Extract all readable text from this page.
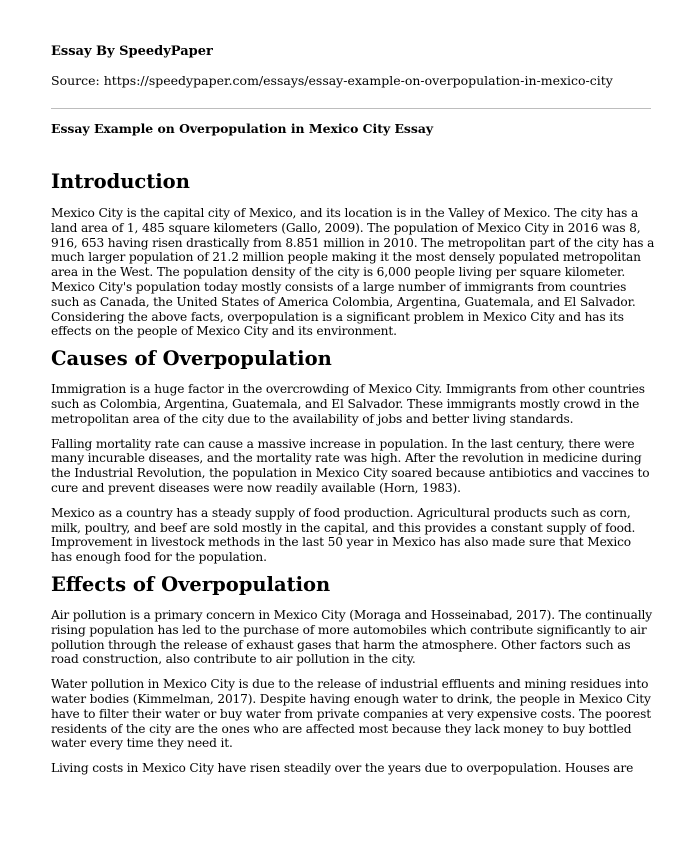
Essay By SpeedyPaper
Source: https://speedypaper.com/essays/essay-example-on-overpopulation-in-mexico-city
Essay Example on Overpopulation in Mexico City Essay
Introduction

Mexico City is the capital city of Mexico, and its location is in the Valley of Mexico. The city has a land area of 1, 485 square kilometers (Gallo, 2009). The population of Mexico City in 2016 was 8, 916, 653 having risen drastically from 8.851 million in 2010. The metropolitan part of the city has a much larger population of 21.2 million people making it the most densely populated metropolitan area in the West. The population density of the city is 6,000 people living per square kilometer. Mexico City's population today mostly consists of a large number of immigrants from countries such as Canada, the United States of America Colombia, Argentina, Guatemala, and El Salvador. Considering the above facts, overpopulation is a significant problem in Mexico City and has its effects on the people of Mexico City and its environment.

Causes of Overpopulation

Immigration is a huge factor in the overcrowding of Mexico City. Immigrants from other countries such as Colombia, Argentina, Guatemala, and El Salvador. These immigrants mostly crowd in the metropolitan area of the city due to the availability of jobs and better living standards.

Falling mortality rate can cause a massive increase in population. In the last century, there were many incurable diseases, and the mortality rate was high. After the revolution in medicine during the Industrial Revolution, the population in Mexico City soared because antibiotics and vaccines to cure and prevent diseases were now readily available (Horn, 1983).

Mexico as a country has a steady supply of food production. Agricultural products such as corn, milk, poultry, and beef are sold mostly in the capital, and this provides a constant supply of food. Improvement in livestock methods in the last 50 year in Mexico has also made sure that Mexico has enough food for the population.

Effects of Overpopulation

Air pollution is a primary concern in Mexico City (Moraga and Hosseinabad, 2017). The continually rising population has led to the purchase of more automobiles which contribute significantly to air pollution through the release of exhaust gases that harm the atmosphere. Other factors such as road construction, also contribute to air pollution in the city.

Water pollution in Mexico City is due to the release of industrial effluents and mining residues into water bodies (Kimmelman, 2017). Despite having enough water to drink, the people in Mexico City have to filter their water or buy water from private companies at very expensive costs. The poorest residents of the city are the ones who are affected most because they lack money to buy bottled water every time they need it.

Living costs in Mexico City have risen steadily over the years due to overpopulation. Houses are
